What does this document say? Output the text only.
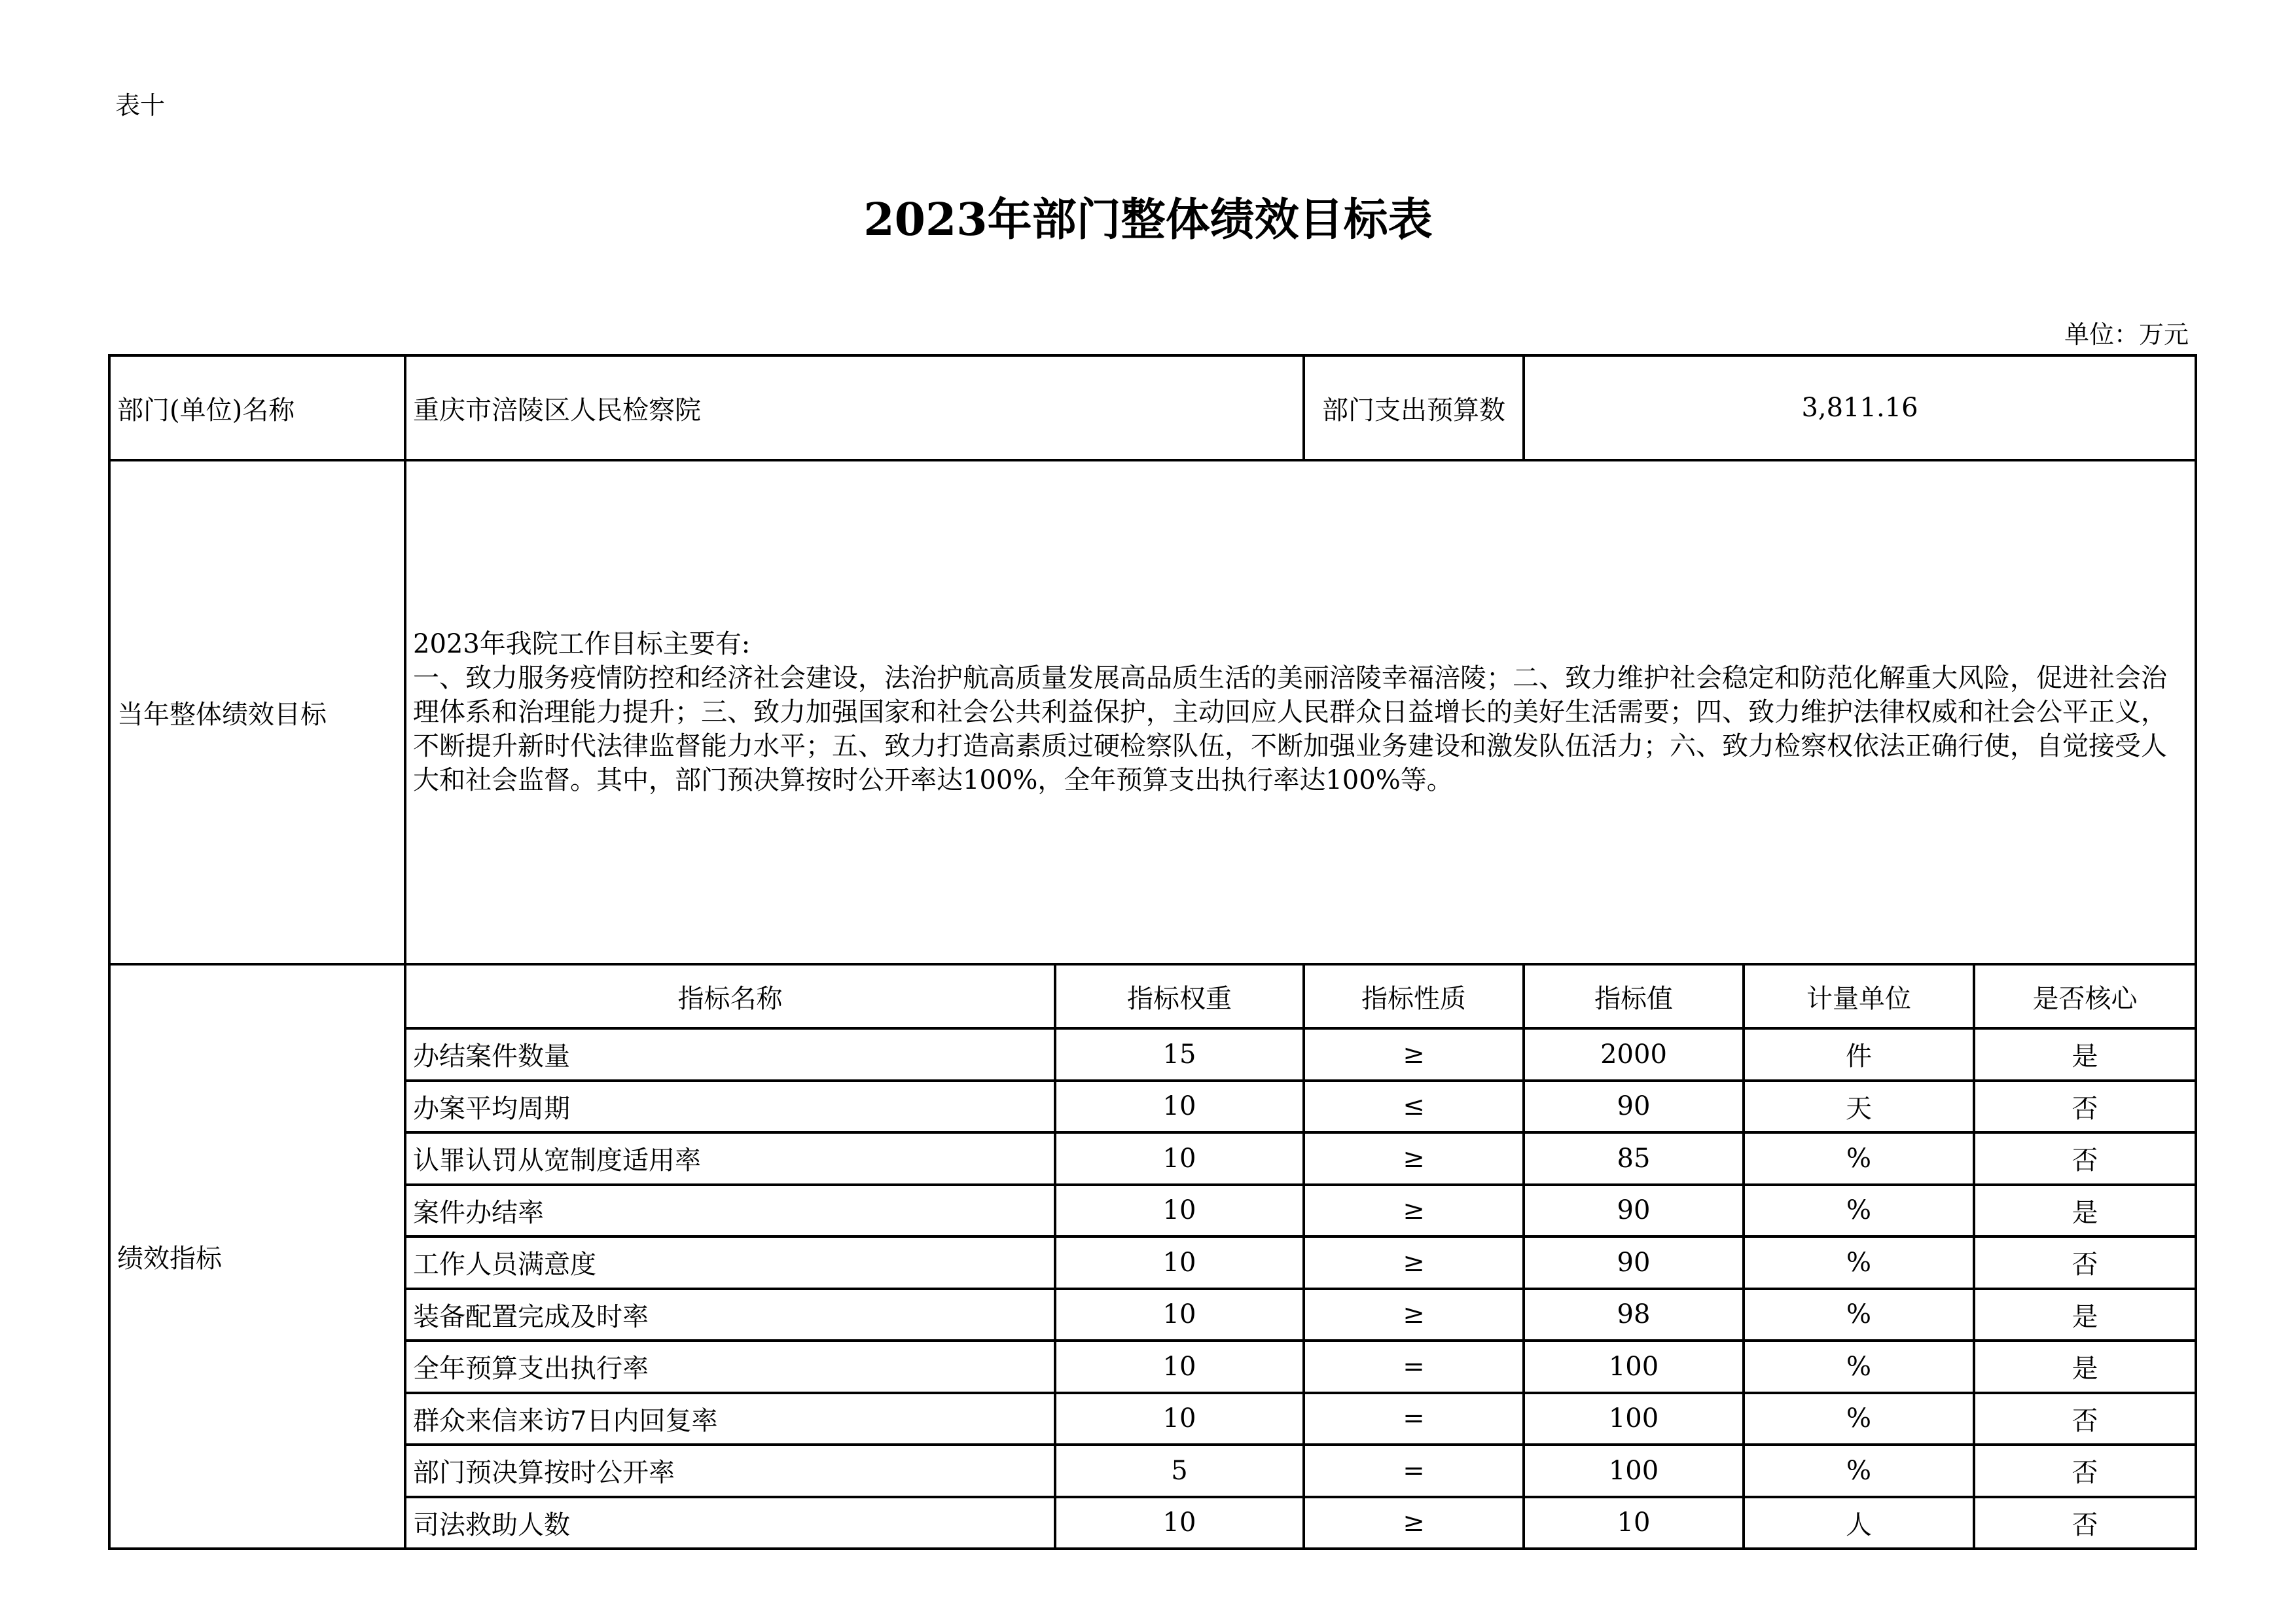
表十
2023年部门整体绩效目标表
单位：万元
部门(单位)名称	重庆市涪陵区人民检察院		部门支出预算数	3,811.16		
当年整体绩效目标	2023年我院工作目标主要有:
一、致力服务疫情防控和经济社会建设，法治护航高质量发展高品质生活的美丽涪陵幸福涪陵；二、致力维护社会稳定和防范化解重大风险，促进社会治理体系和治理能力提升；三、致力加强国家和社会公共利益保护，主动回应人民群众日益增长的美好生活需要；四、致力维护法律权威和社会公平正义，不断提升新时代法律监督能力水平；五、致力打造高素质过硬检察队伍，不断加强业务建设和激发队伍活力；六、致力检察权依法正确行使，自觉接受人大和社会监督。其中，部门预决算按时公开率达100%，全年预算支出执行率达100%等。					
绩效指标	指标名称	指标权重	指标性质	指标值	计量单位	是否核心
	办结案件数量	15	≥	2000	件	是
	办案平均周期	10	≤	90	天	否
	认罪认罚从宽制度适用率	10	≥	85	%	否
	案件办结率	10	≥	90	%	是
	工作人员满意度	10	≥	90	%	否
	装备配置完成及时率	10	≥	98	%	是
	全年预算支出执行率	10	=	100	%	是
	群众来信来访7日内回复率	10	=	100	%	否
	部门预决算按时公开率	5	=	100	%	否
	司法救助人数	10	≥	10	人	否
